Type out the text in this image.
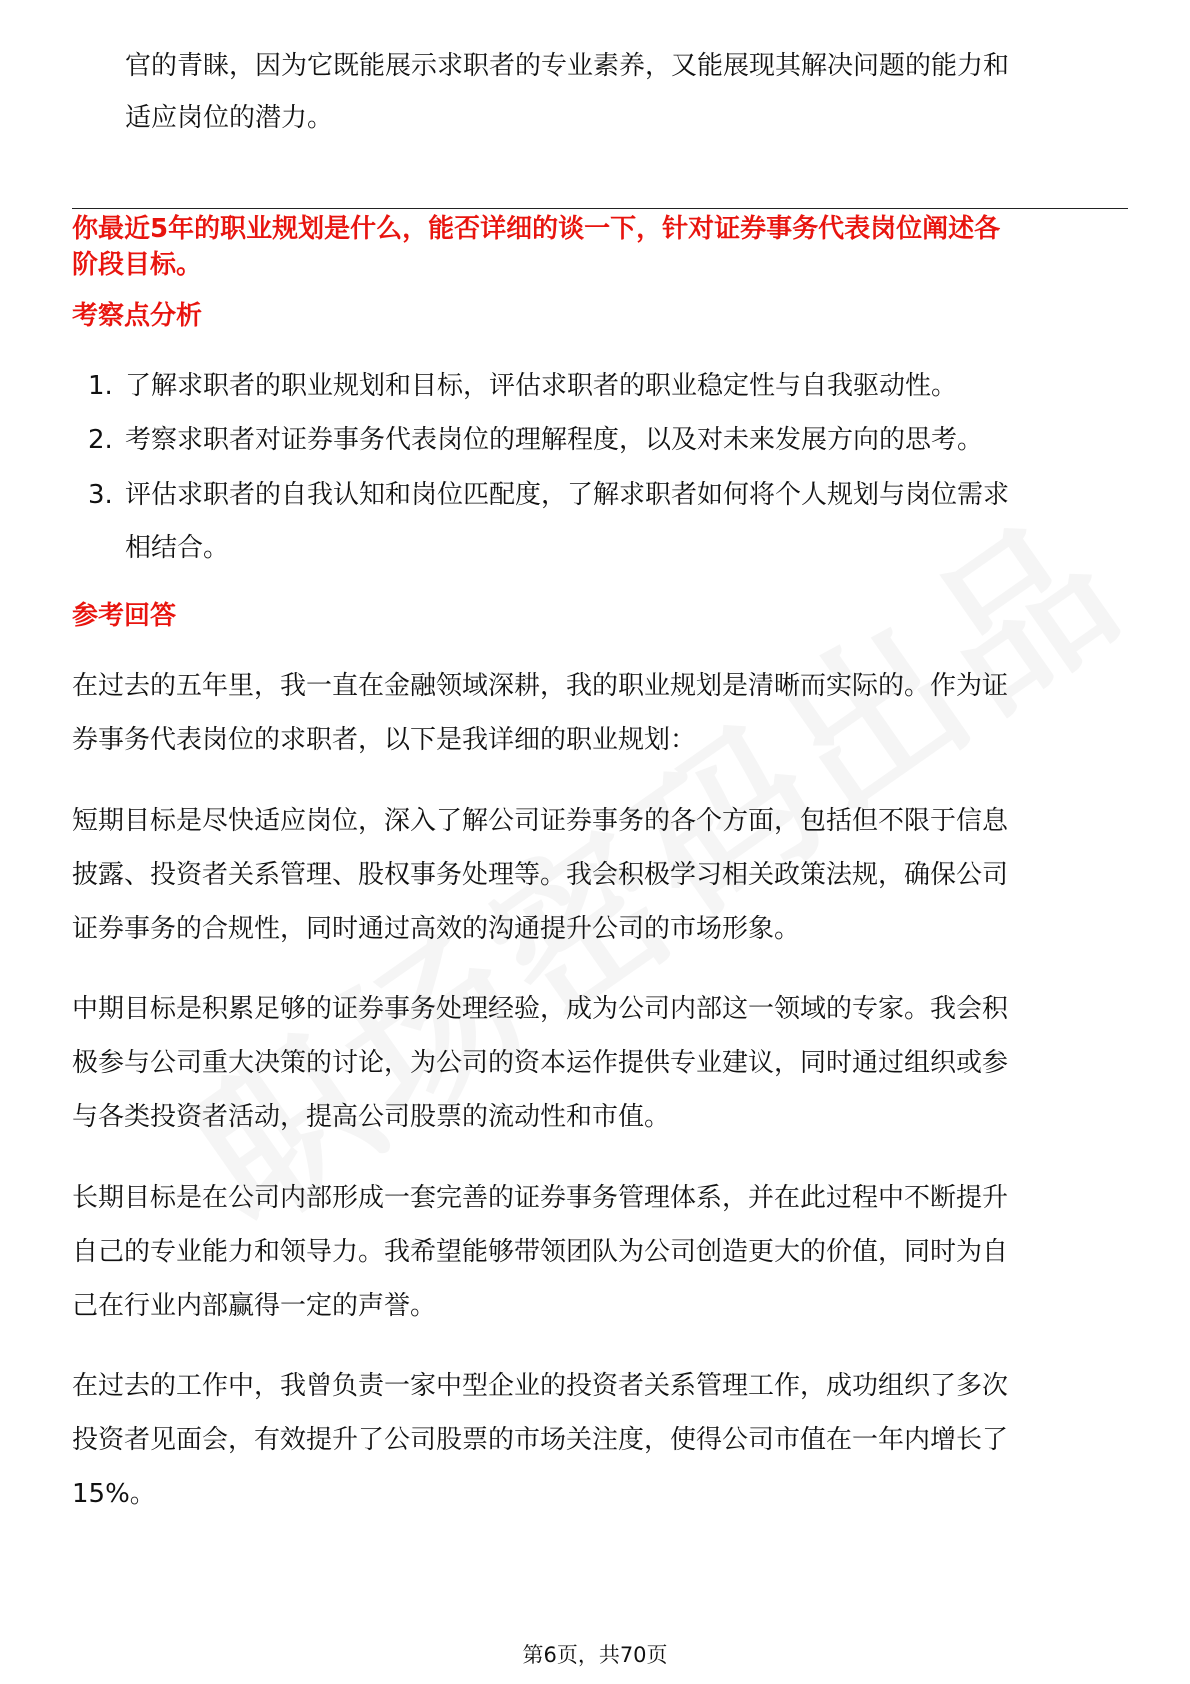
官的青睐，因为它既能展示求职者的专业素养，又能展现其解决问题的能力和
适应岗位的潜力。
你最近5年的职业规划是什么，能否详细的谈一下，针对证券事务代表岗位阐述各
阶段目标。
考察点分析
1. 了解求职者的职业规划和目标，评估求职者的职业稳定性与自我驱动性。
2. 考察求职者对证券事务代表岗位的理解程度，以及对未来发展方向的思考。
3. 评估求职者的自我认知和岗位匹配度，了解求职者如何将个人规划与岗位需求
相结合。
参考回答
在过去的五年里，我一直在金融领域深耕，我的职业规划是清晰而实际的。作为证
券事务代表岗位的求职者，以下是我详细的职业规划：
短期目标是尽快适应岗位，深入了解公司证券事务的各个方面，包括但不限于信息
披露、投资者关系管理、股权事务处理等。我会积极学习相关政策法规，确保公司
证券事务的合规性，同时通过高效的沟通提升公司的市场形象。
中期目标是积累足够的证券事务处理经验，成为公司内部这一领域的专家。我会积
极参与公司重大决策的讨论，为公司的资本运作提供专业建议，同时通过组织或参
与各类投资者活动，提高公司股票的流动性和市值。
长期目标是在公司内部形成一套完善的证券事务管理体系，并在此过程中不断提升
自己的专业能力和领导力。我希望能够带领团队为公司创造更大的价值，同时为自
己在行业内部赢得一定的声誉。
在过去的工作中，我曾负责一家中型企业的投资者关系管理工作，成功组织了多次
投资者见面会，有效提升了公司股票的市场关注度，使得公司市值在一年内增长了
15%。
第6页，共70页
